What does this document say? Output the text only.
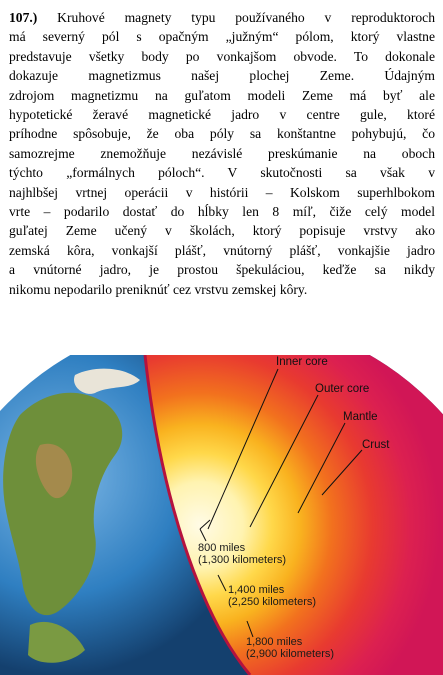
107.) Kruhové magnety typu používaného v reproduktoroch
má severný pól s opačným „južným“ pólom, ktorý vlastne
predstavuje všetky body po vonkajšom obvode. To dokonale
dokazuje magnetizmus našej plochej Zeme. Údajným
zdrojom magnetizmu na guľatom modeli Zeme má byť ale
hypotetické žeravé magnetické jadro v centre gule, ktoré
príhodne spôsobuje, že oba póly sa konštantne pohybujú, čo
samozrejme znemožňuje nezávislé preskúmanie na oboch
týchto „formálnych póloch“. V skutočnosti sa však v
najhlbšej vrtnej operácii v histórii – Kolskom superhlbokom
vrte – podarilo dostať do hĺbky len 8 míľ, čiže celý model
guľatej Zeme učený v školách, ktorý popisuje vrstvy ako
zemská kôra, vonkajší plášť, vnútorný plášť, vonkajšie jadro
a vnútorné jadro, je prostou špekuláciou, keďže sa nikdy
nikomu nepodarilo preniknúť cez vrstvu zemskej kôry.
Inner core
Outer core
Mantle
Crust
800 miles
(1,300 kilometers)
1,400 miles
(2,250 kilometers)
1,800 miles
(2,900 kilometers)
